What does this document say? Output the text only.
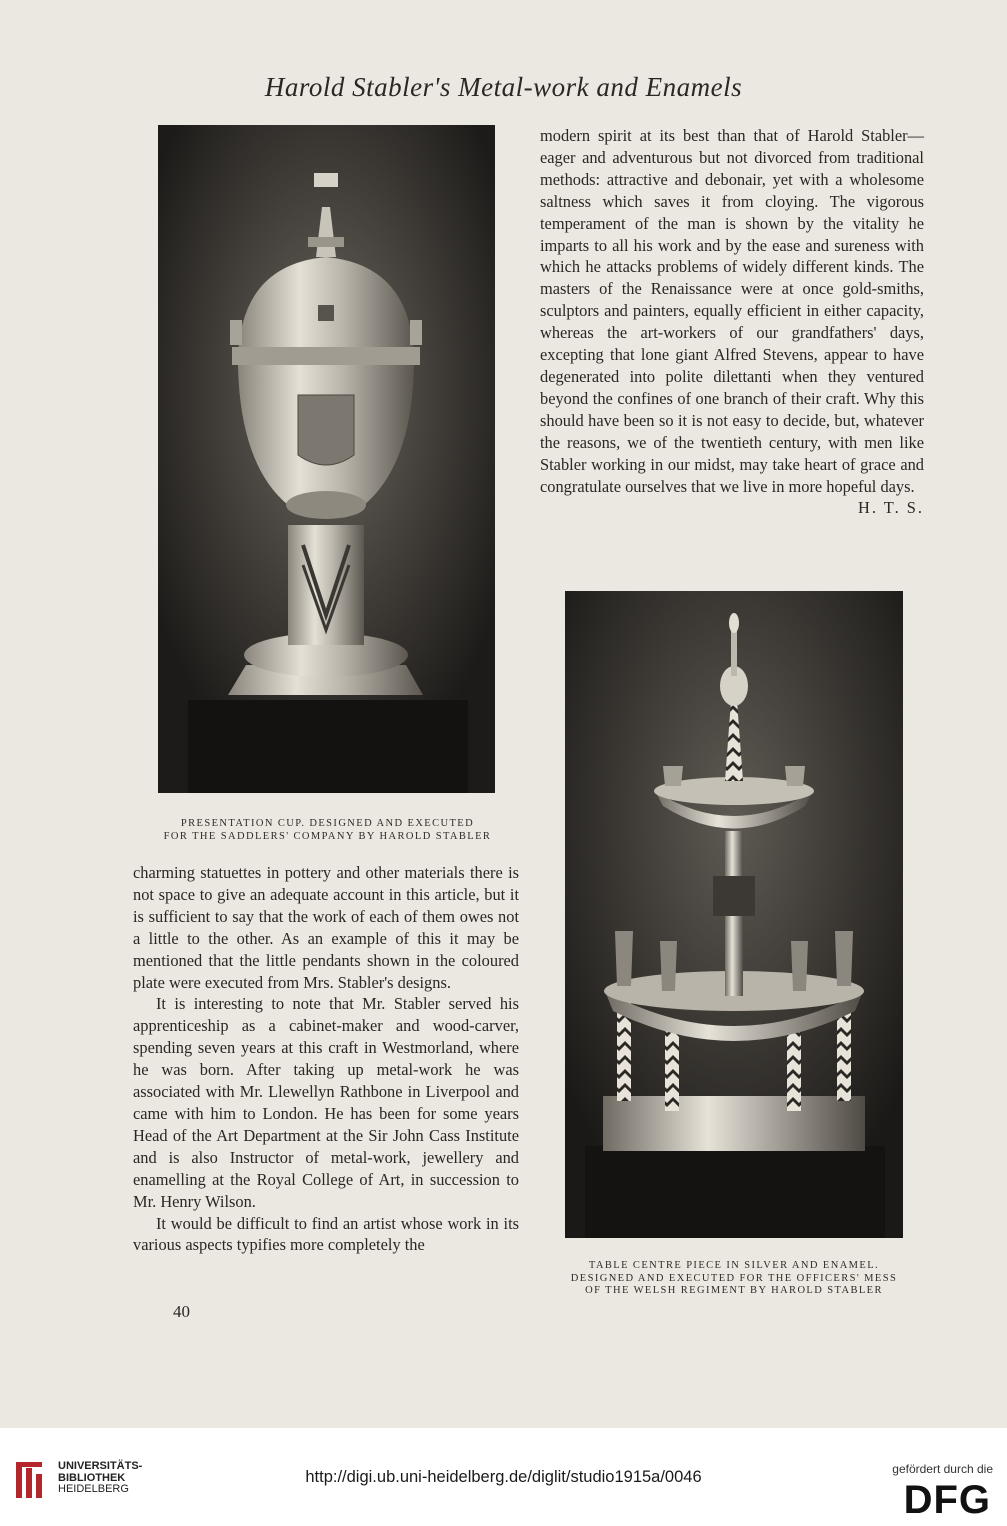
Harold Stabler's Metal-work and Enamels
PRESENTATION CUP. DESIGNED AND EXECUTED
FOR THE SADDLERS' COMPANY BY HAROLD STABLER

modern spirit at its best than that of Harold Stabler—eager and adventurous but not divorced from traditional methods: attractive and debonair, yet with a wholesome saltness which saves it from cloying. The vigorous temperament of the man is shown by the vitality he imparts to all his work and by the ease and sureness with which he attacks problems of widely different kinds. The masters of the Renaissance were at once gold-smiths, sculptors and painters, equally efficient in either capacity, whereas the art-workers of our grandfathers' days, excepting that lone giant Alfred Stevens, appear to have degenerated into polite dilettanti when they ventured beyond the confines of one branch of their craft. Why this should have been so it is not easy to decide, but, whatever the reasons, we of the twentieth century, with men like Stabler working in our midst, may take heart of grace and congratulate ourselves that we live in more hopeful days.
H. T. S.

TABLE CENTRE PIECE IN SILVER AND ENAMEL.
DESIGNED AND EXECUTED FOR THE OFFICERS' MESS
OF THE WELSH REGIMENT BY HAROLD STABLER

charming statuettes in pottery and other materials there is not space to give an adequate account in this article, but it is sufficient to say that the work of each of them owes not a little to the other. As an example of this it may be mentioned that the little pendants shown in the coloured plate were executed from Mrs. Stabler's designs.

It is interesting to note that Mr. Stabler served his apprenticeship as a cabinet-maker and wood-carver, spending seven years at this craft in Westmorland, where he was born. After taking up metal-work he was associated with Mr. Llewellyn Rathbone in Liverpool and came with him to London. He has been for some years Head of the Art Department at the Sir John Cass Institute and is also Instructor of metal-work, jewellery and enamelling at the Royal College of Art, in succession to Mr. Henry Wilson.

It would be difficult to find an artist whose work in its various aspects typifies more completely the

40
UNIVERSITÄTS-
BIBLIOTHEK
HEIDELBERG
http://digi.ub.uni-heidelberg.de/diglit/studio1915a/0046	gefördert durch die
DFG
